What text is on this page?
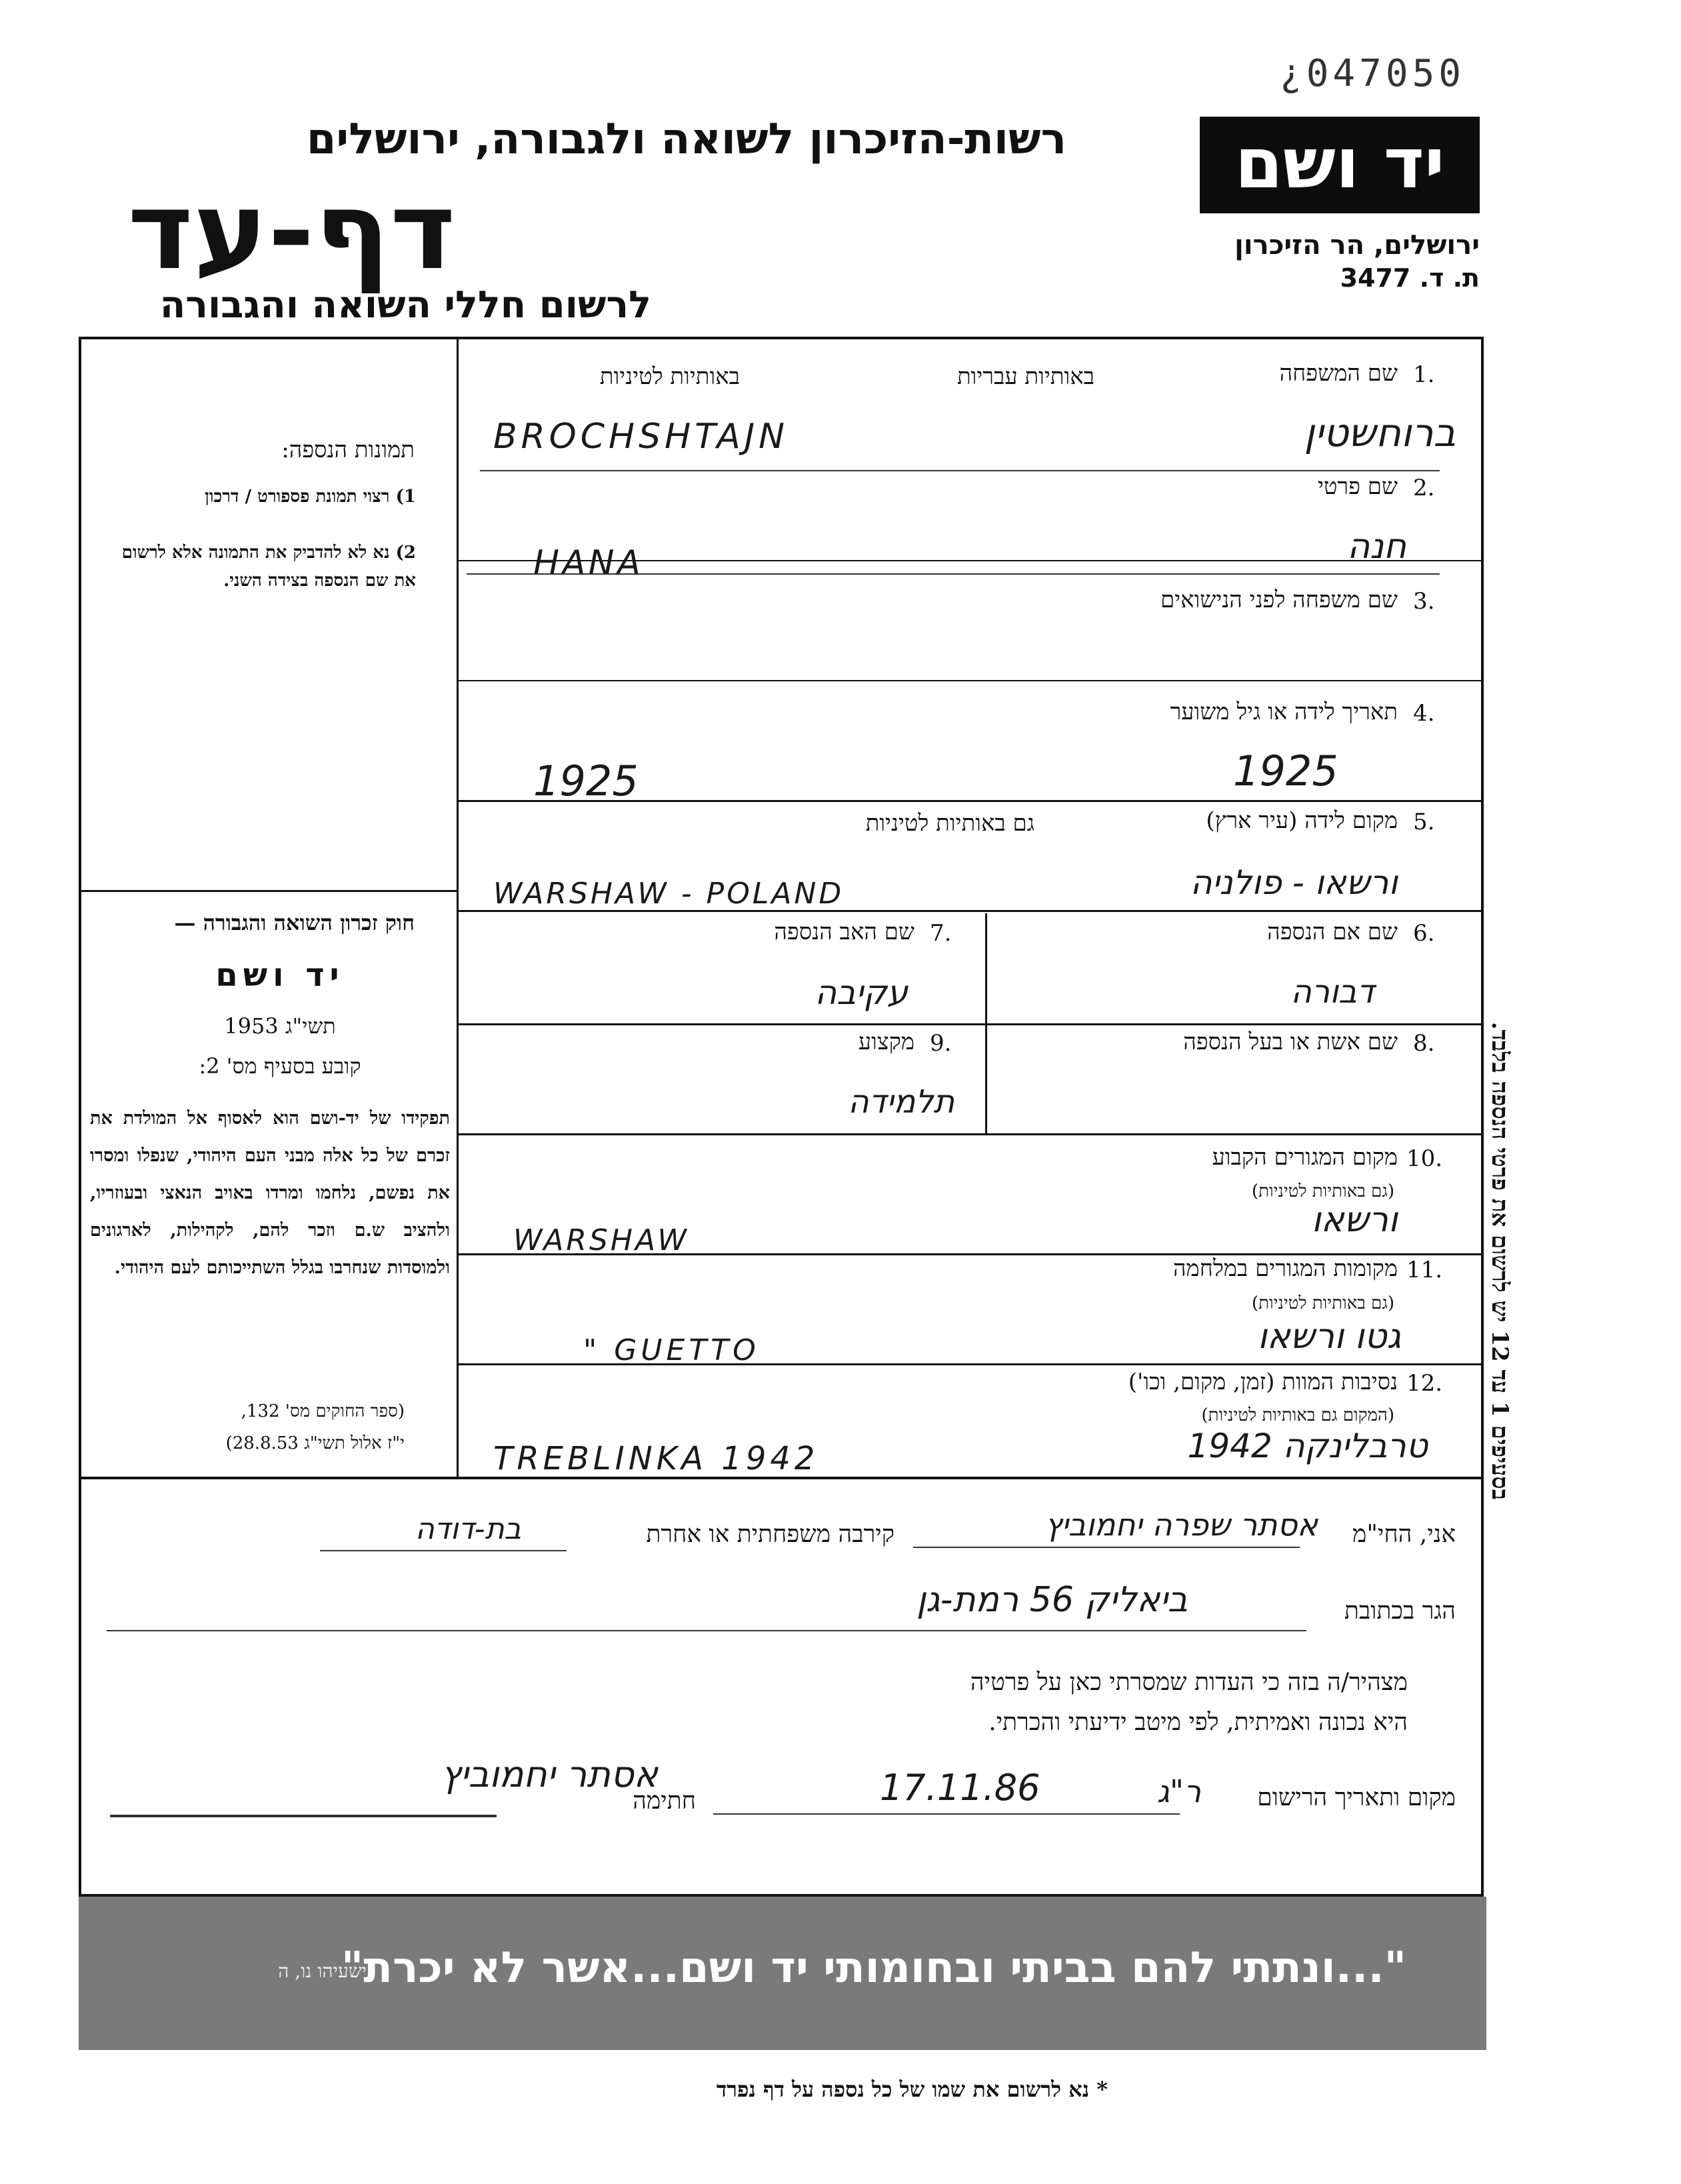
¿047050
יד ושם
ירושלים, הר הזיכרון
ת. ד. 3477
רשות-הזיכרון לשואה ולגבורה, ירושלים
דף-עד
לרשום חללי השואה והגבורה
תמונות הנספה:
1) רצוי תמונת פספורט / דרכון
2) נא לא להדביק את התמונה אלא לרשום את שם הנספה בצידה השני.
חוק זכרון השואה והגבורה —
יד ושם
תשי"ג 1953
קובע בסעיף מס' 2:
תפקידו של יד-ושם הוא לאסוף אל המולדת את זכרם של כל אלה מבני העם היהודי, שנפלו ומסרו את נפשם, נלחמו ומרדו באויב הנאצי ובעוזריו, ולהציב ש.ם וזכר להם, לקהילות, לארגונים ולמוסדות שנחרבו בגלל השתייכותם לעם היהודי.
(ספר החוקים מס' 132,
י"ז אלול תשי"ג 28.8.53)
בסעיפים 1 עד 12 יש לרשום את פרטי הנספה בלבד.
1.
שם המשפחה
באותיות עבריות
באותיות לטיניות
ברוחשטין
BROCHSHTAJN
2.
שם פרטי
חנה
HANA
3.
שם משפחה לפני הנישואים
4.
תאריך לידה או גיל משוער
1925
1925
5.
מקום לידה (עיר ארץ)
גם באותיות לטיניות
ורשאו - פולניה
WARSHAW - POLAND
6.
שם אם הנספה
דבורה
7.
שם האב הנספה
עקיבה
8.
שם אשת או בעל הנספה
9.
מקצוע
תלמידה
10.
מקום המגורים הקבוע
(גם באותיות לטיניות)
ורשאו
WARSHAW
11.
מקומות המגורים במלחמה
(גם באותיות לטיניות)
גטו ורשאו
" GUETTO
12.
נסיבות המוות (זמן, מקום, וכו')
(המקום גם באותיות לטיניות)
טרבלינקה 1942
TREBLINKA 1942
אני, החי"מ
אסתר שפרה יחמוביץ
קירבה משפחתית או אחרת
בת-דודה
הגר בכתובת
ביאליק 56 רמת-גן
מצהיר/ה בזה כי העדות שמסרתי כאן על פרטיה
היא נכונה ואמיתית, לפי מיטב ידיעתי והכרתי.
מקום ותאריך הרישום
ר"ג
17.11.86
חתימה
אסתר יחמוביץ
"...ונתתי להם בביתי ובחומותי יד ושם...אשר לא יכרת"
ישעיהו נו, ה
* נא לרשום את שמו של כל נספה על דף נפרד
